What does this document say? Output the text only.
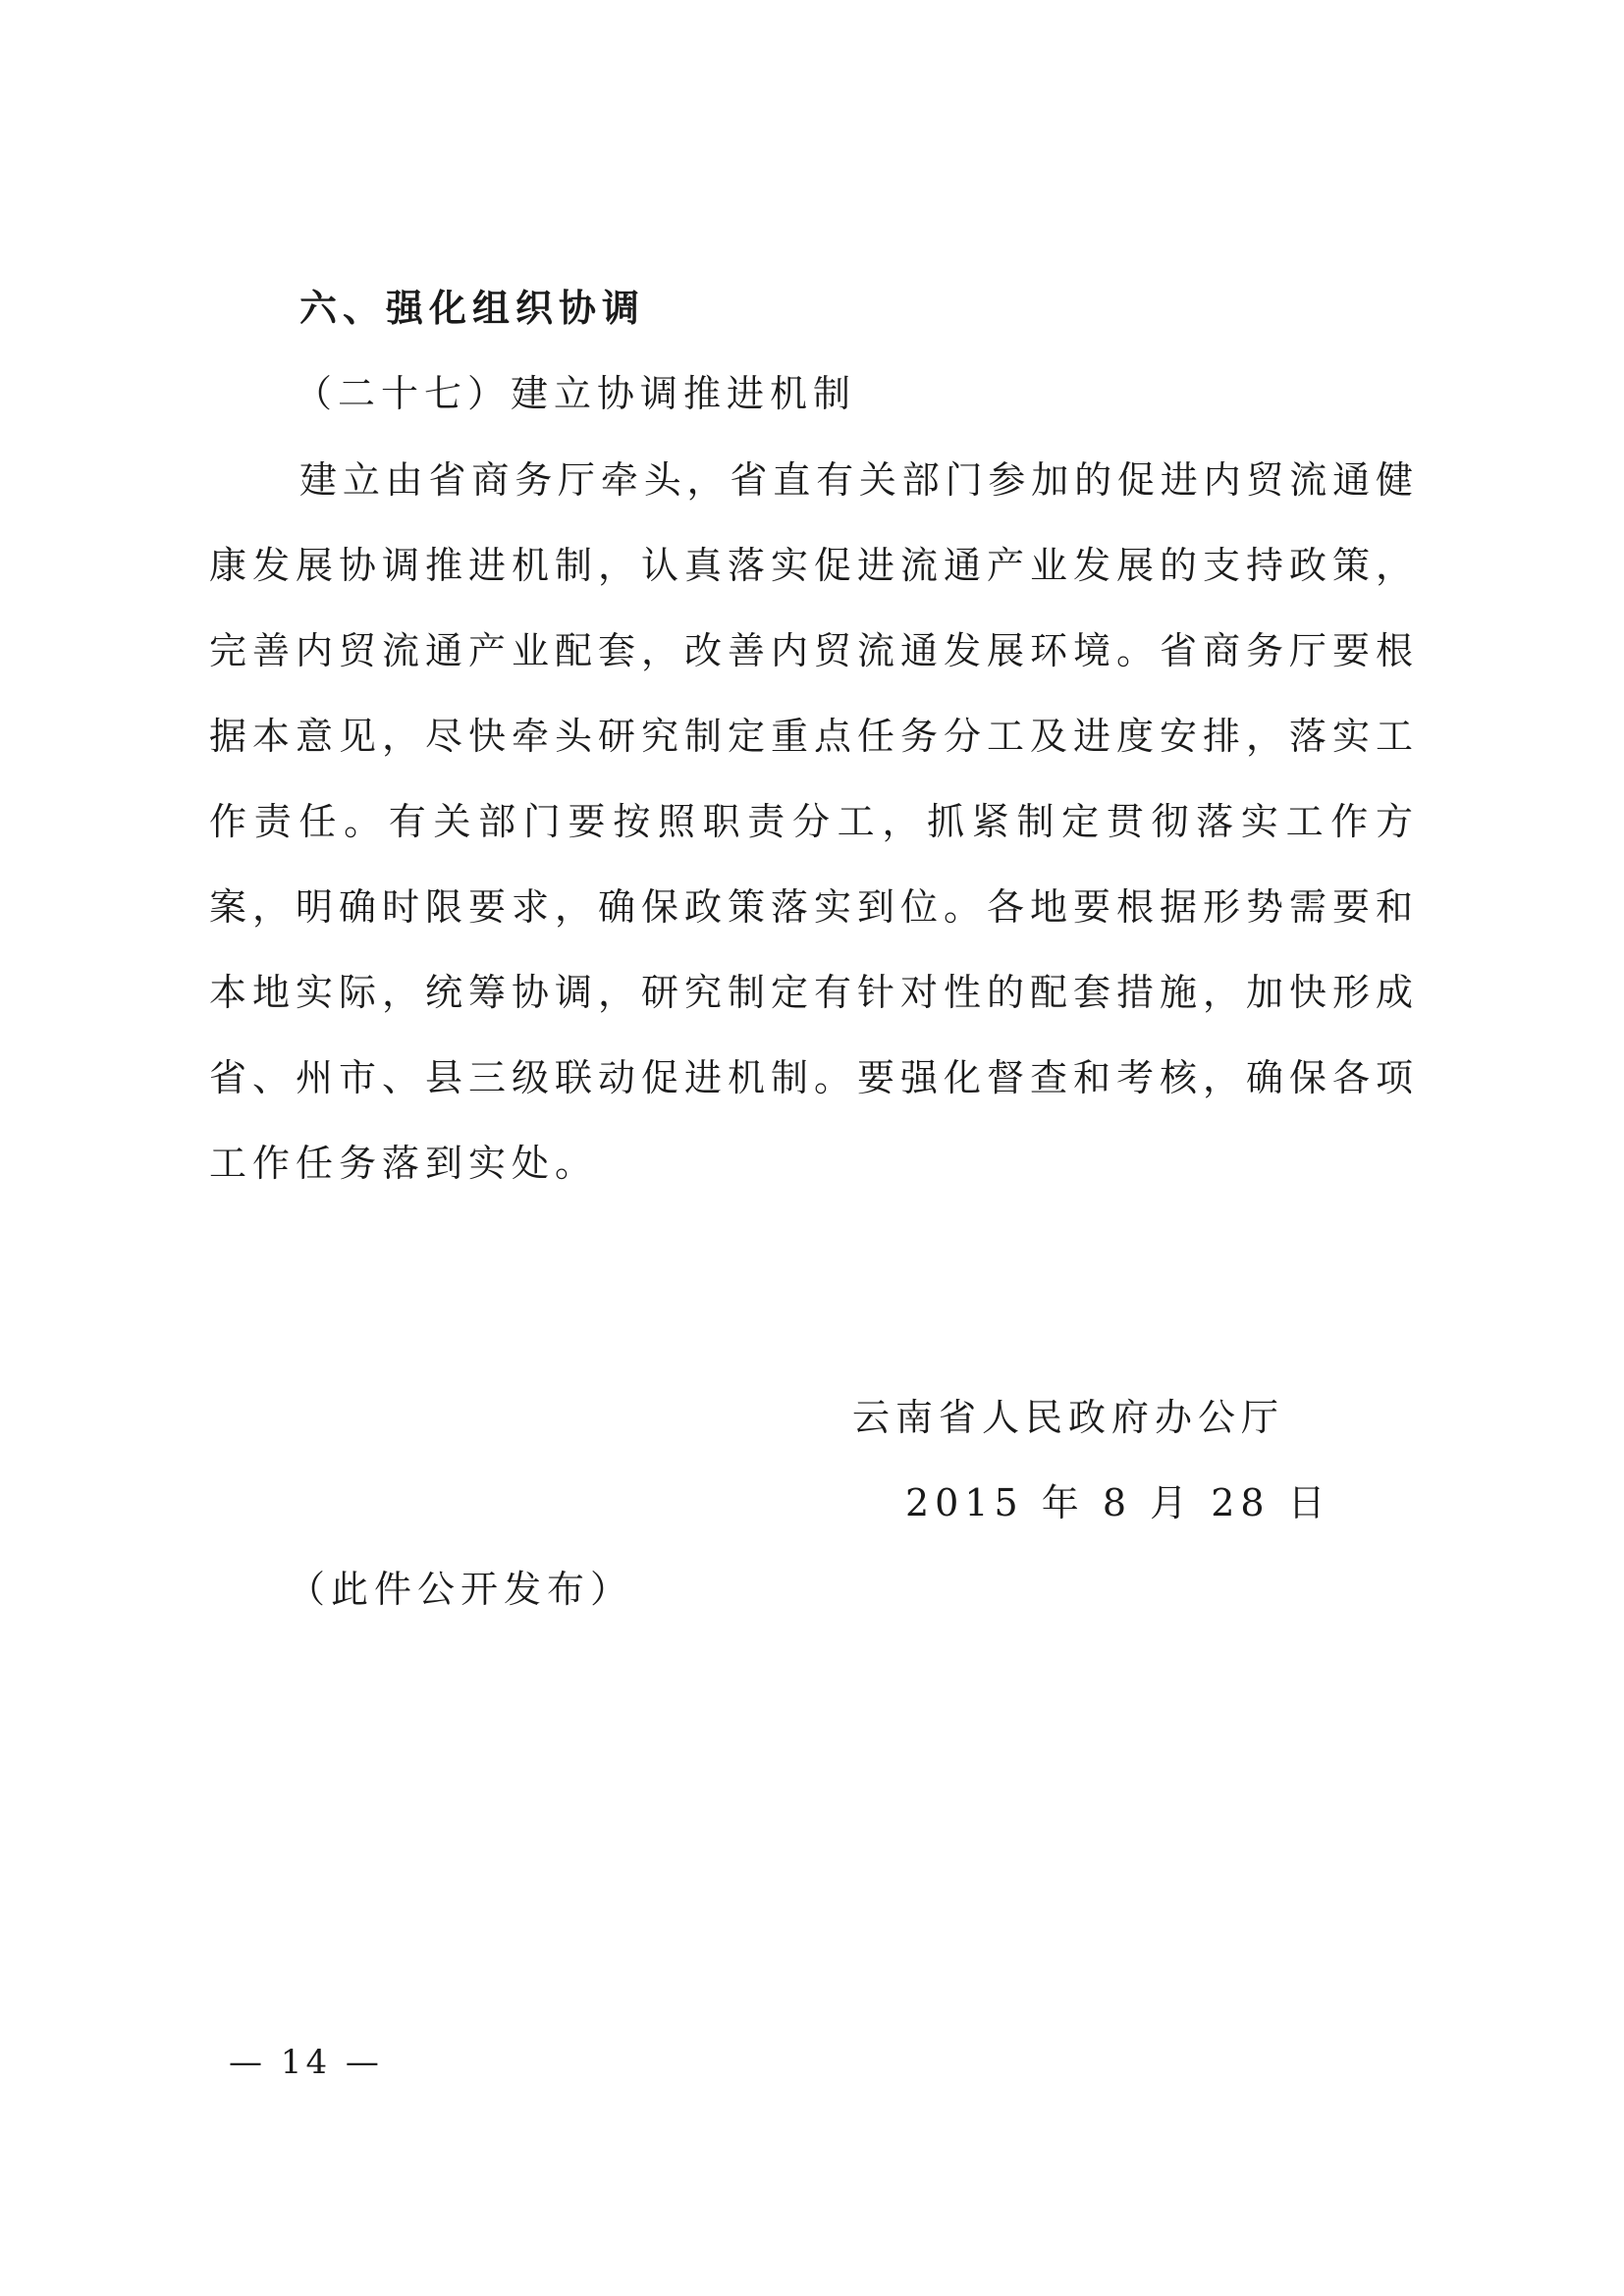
六、强化组织协调
（二十七）建立协调推进机制
建立由省商务厅牵头，省直有关部门参加的促进内贸流通健
康发展协调推进机制，认真落实促进流通产业发展的支持政策，
完善内贸流通产业配套，改善内贸流通发展环境。省商务厅要根
据本意见，尽快牵头研究制定重点任务分工及进度安排，落实工
作责任。有关部门要按照职责分工，抓紧制定贯彻落实工作方
案，明确时限要求，确保政策落实到位。各地要根据形势需要和
本地实际，统筹协调，研究制定有针对性的配套措施，加快形成
省、州市、县三级联动促进机制。要强化督查和考核，确保各项
工作任务落到实处。
云南省人民政府办公厅
2015 年 8 月 28 日
（此件公开发布）
— 14 —
